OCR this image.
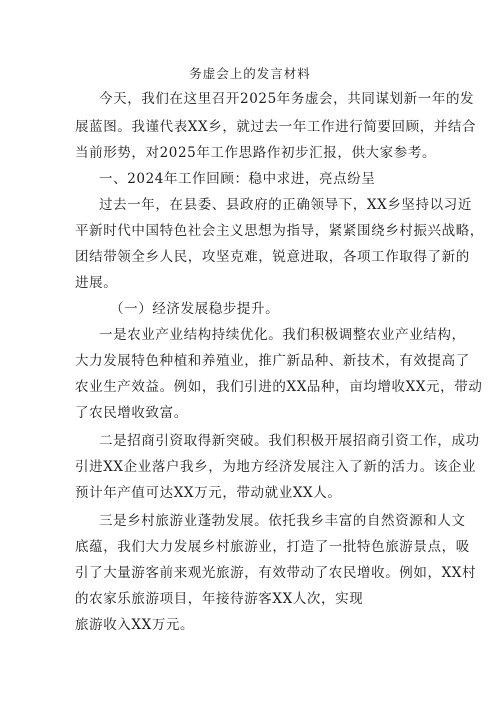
务虚会上的发言材料
今天，我们在这里召开2025年务虚会，共同谋划新一年的发
展蓝图。我谨代表XX乡，就过去一年工作进行简要回顾，并结合
当前形势，对2025年工作思路作初步汇报，供大家参考。
一、2024年工作回顾：稳中求进，亮点纷呈
过去一年，在县委、县政府的正确领导下，XX乡坚持以习近
平新时代中国特色社会主义思想为指导，紧紧围绕乡村振兴战略，
团结带领全乡人民，攻坚克难，锐意进取，各项工作取得了新的
进展。
（一）经济发展稳步提升。
一是农业产业结构持续优化。我们积极调整农业产业结构，
大力发展特色种植和养殖业，推广新品种、新技术，有效提高了
农业生产效益。例如，我们引进的XX品种，亩均增收XX元，带动
了农民增收致富。
二是招商引资取得新突破。我们积极开展招商引资工作，成功
引进XX企业落户我乡，为地方经济发展注入了新的活力。该企业
预计年产值可达XX万元，带动就业XX人。
三是乡村旅游业蓬勃发展。依托我乡丰富的自然资源和人文
底蕴，我们大力发展乡村旅游业，打造了一批特色旅游景点，吸
引了大量游客前来观光旅游，有效带动了农民增收。例如，XX村
的农家乐旅游项目，年接待游客XX人次，实现
旅游收入XX万元。
